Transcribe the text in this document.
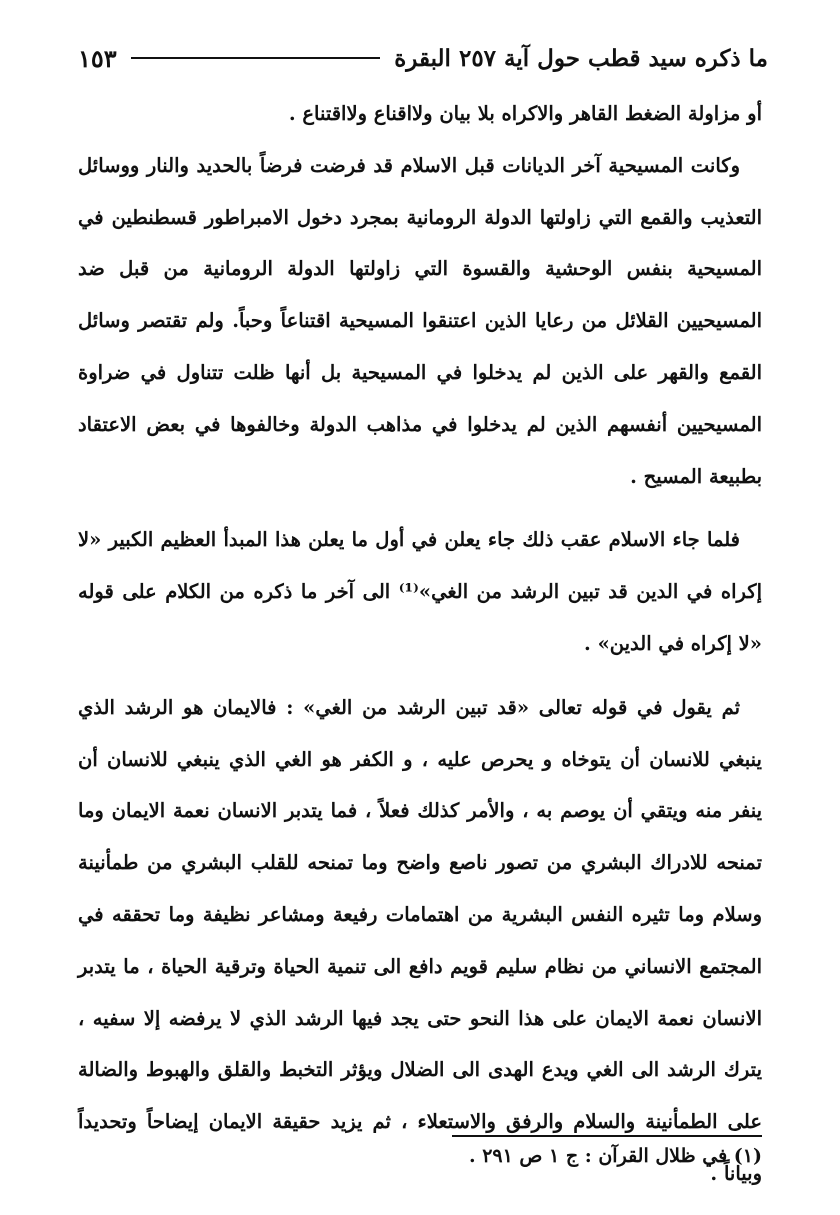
ما ذكره سيد قطب حول آية ٢٥٧ البقرة
١٥٣

أو مزاولة الضغط القاهر والاكراه بلا بيان ولااقناع ولااقتناع .

وكانت المسيحية آخر الديانات قبل الاسلام قد فرضت فرضاً بالحديد والنار ووسائل التعذيب والقمع التي زاولتها الدولة الرومانية بمجرد دخول الامبراطور قسطنطين في المسيحية بنفس الوحشية والقسوة التي زاولتها الدولة الرومانية من قبل ضد المسيحيين القلائل من رعايا الذين اعتنقوا المسيحية اقتناعاً وحباً. ولم تقتصر وسائل القمع والقهر على الذين لم يدخلوا في المسيحية بل أنها ظلت تتناول في ضراوة المسيحيين أنفسهم الذين لم يدخلوا في مذاهب الدولة وخالفوها في بعض الاعتقاد بطبيعة المسيح .

فلما جاء الاسلام عقب ذلك جاء يعلن في أول ما يعلن هذا المبدأ العظيم الكبير «لا إكراه في الدين قد تبين الرشد من الغي»⁽¹⁾ الى آخر ما ذكره من الكلام على قوله «لا إكراه في الدين» .

ثم يقول في قوله تعالى «قد تبين الرشد من الغي» : فالايمان هو الرشد الذي ينبغي للانسان أن يتوخاه و يحرص عليه ، و الكفر هو الغي الذي ينبغي للانسان أن ينفر منه ويتقي أن يوصم به ، والأمر كذلك فعلاً ، فما يتدبر الانسان نعمة الايمان وما تمنحه للادراك البشري من تصور ناصع واضح وما تمنحه للقلب البشري من طمأنينة وسلام وما تثيره النفس البشرية من اهتمامات رفيعة ومشاعر نظيفة وما تحققه في المجتمع الانساني من نظام سليم قويم دافع الى تنمية الحياة وترقية الحياة ، ما يتدبر الانسان نعمة الايمان على هذا النحو حتى يجد فيها الرشد الذي لا يرفضه إلا سفيه ، يترك الرشد الى الغي ويدع الهدى الى الضلال ويؤثر التخبط والقلق والهبوط والضالة على الطمأنينة والسلام والرفق والاستعلاء ، ثم يزيد حقيقة الايمان إيضاحاً وتحديداً وبياناً .

(١) في ظلال القرآن : ج ١ ص ٢٩١ .
